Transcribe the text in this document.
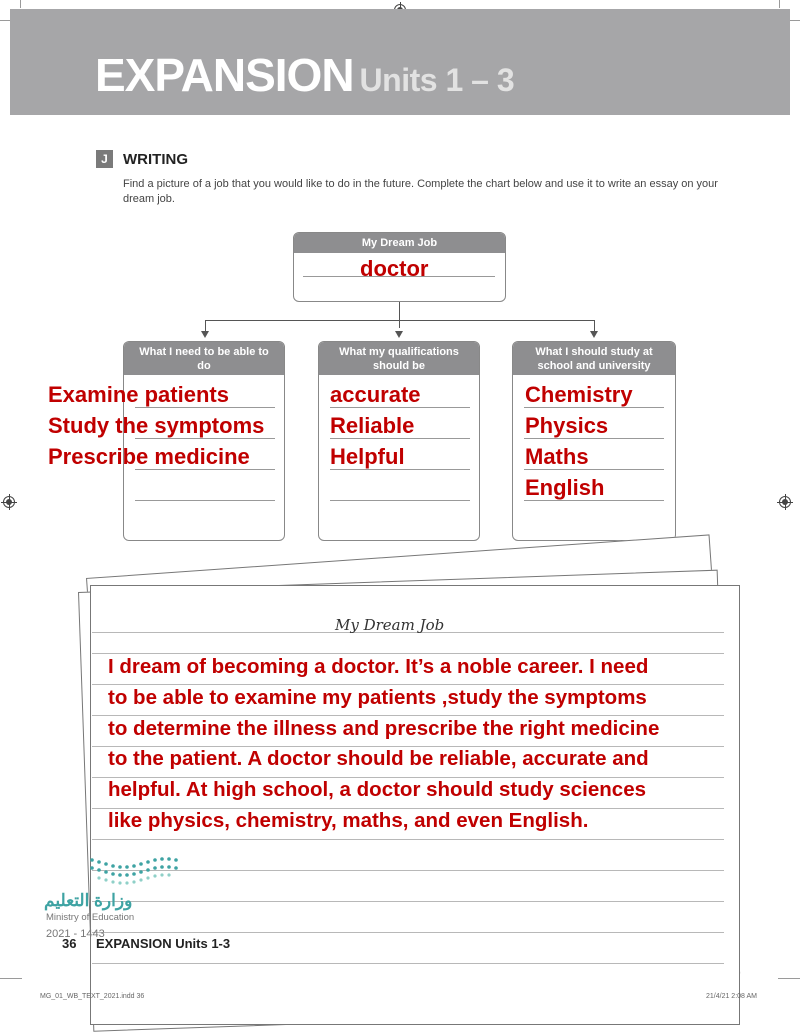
EXPANSION Units 1 – 3
J	WRITING
Find a picture of a job that you would like to do in the future. Complete the chart below and use it to write an essay on your dream job.
My Dream Job
doctor
What I need to be able to do
What my qualifications should be
What I should study at school and university
Examine patients
Study the symptoms
Prescribe medicine
accurate
Reliable
Helpful
Chemistry
Physics
Maths
English
My Dream Job
I dream of becoming a doctor. It’s a noble career. I need
to be able to examine my patients ,study the symptoms
to determine the illness and prescribe the right medicine
to the patient. A doctor should be reliable, accurate and
helpful. At high school, a doctor should study sciences
like physics, chemistry, maths, and even English.
وزارة التعليم
Ministry of Education
2021 - 1443
36 EXPANSION Units 1-3
MG_01_WB_TEXT_2021.indd 36	21/4/21 2:08 AM
